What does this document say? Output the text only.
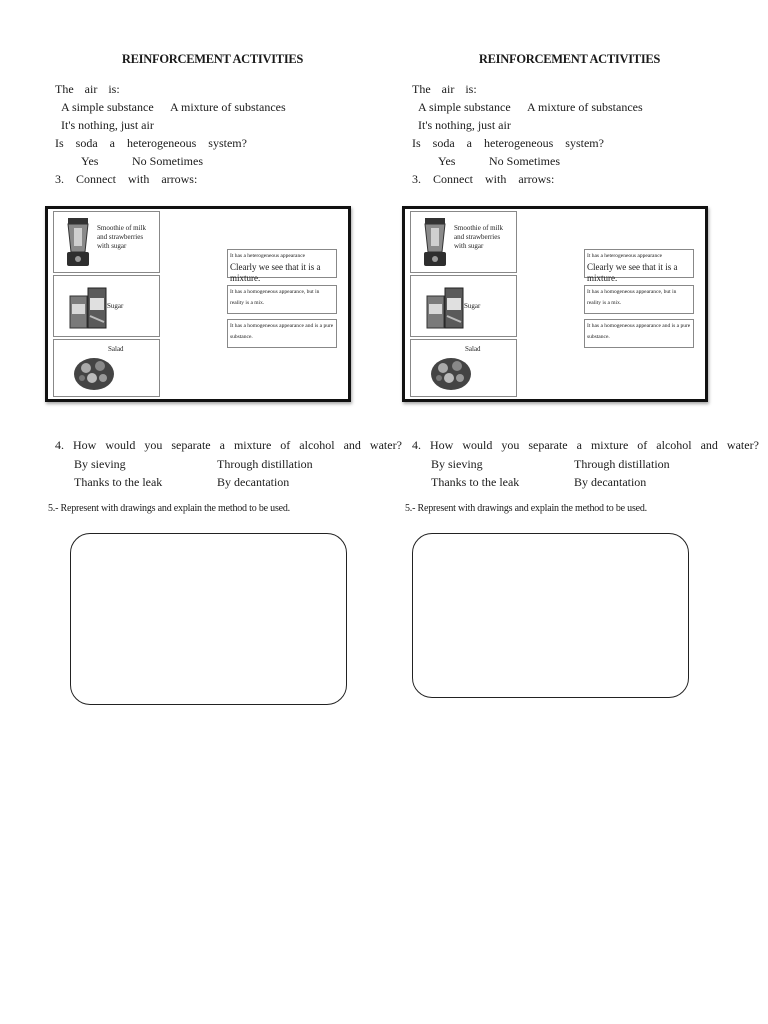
REINFORCEMENT ACTIVITIES
The air is:
A simple substance A mixture of substances
It's nothing, just air
Is soda a heterogeneous system?
Yes	No Sometimes
3. Connect with arrows:
Smoothie of milk and strawberries with sugar
Sugar
Salad
It has a heterogeneous appearance
Clearly we see that it is a mixture.
It has a homogeneous appearance, but in reality is a mix.
It has a homogeneous appearance and is a pure substance.
4. How would you separate a mixture of alcohol and water?
By sieving	Through distillation
Thanks to the leak	By decantation
5.- Represent with drawings and explain the method to be used.
REINFORCEMENT ACTIVITIES
The air is:
A simple substance A mixture of substances
It's nothing, just air
Is soda a heterogeneous system?
Yes	No Sometimes
3. Connect with arrows:
Smoothie of milk and strawberries with sugar
Sugar
Salad
It has a heterogeneous appearance
Clearly we see that it is a mixture.
It has a homogeneous appearance, but in reality is a mix.
It has a homogeneous appearance and is a pure substance.
4. How would you separate a mixture of alcohol and water?
By sieving	Through distillation
Thanks to the leak	By decantation
5.- Represent with drawings and explain the method to be used.
